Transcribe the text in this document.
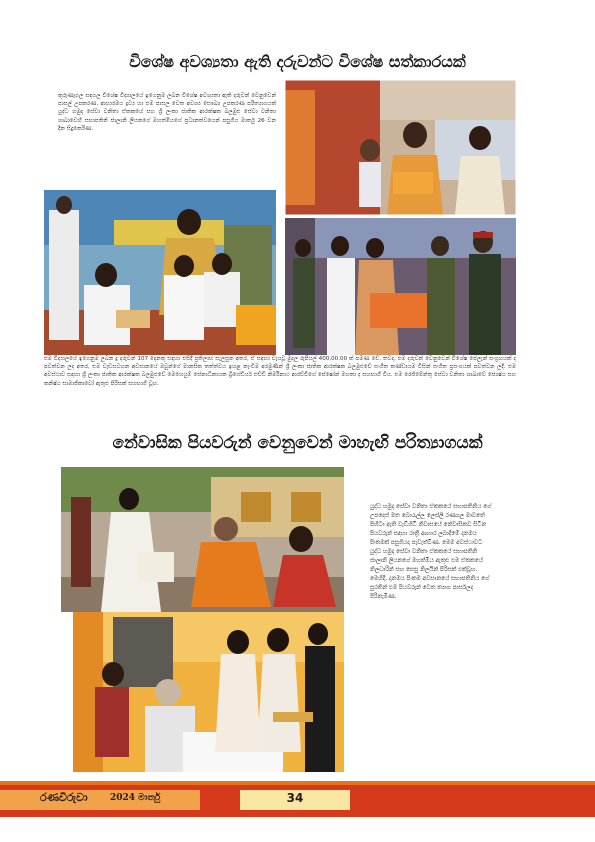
විශේෂ අවශ්‍යතා ඇති දරුවන්ට විශේෂ සත්කාරයක්
කුරුණෑගල සඳගල විශේෂ විද්‍යාලයේ ඉගෙනුම ලබන විශේෂ අවශ්‍යතා ඇති දරුවන් වෙනුවෙන් පාසල් උපකරණ, ආහාරමය ද්‍රව්‍ය හා එම පාසල වෙත අවශ්‍ය සෞඛ්‍ය උපකරණ පරිත්‍යාගයක් යුද්ධ හමුදා සේවා වනිතා ඒකකයේ සහ ශ්‍රී ලංකා ජාතික ආරක්ෂක බලමුළු සේවා වනිතා ශාඛාවෙහි සභාපතිනි ජාලානි ලියනගේ මහත්මියගේ ප්‍රධානත්වයෙන් පසුගිය මාර්තු 26 වන දින සිදුකෙරිණ.
එම විද්‍යාලයේ ඉගෙනුම ලබන දූ දරුවන් 107 දෙනකු සඳහා එසිදි ප්‍රතිලාභ සැලසුන අතර, ඒ සඳහා වැයවූ මුදල රුපියල් 400,00.00 ක් පමණ වේ. තවද, එම දරුවන් වෙනුවෙන් විශේෂ පේලැන් සංග්‍රහයක් ද පවත්වන ලද අතර, එම වැඩසටහන අවසානයේ ඔවුන්ගේ මානසික තත්ත්වය ඉහළ නැංවීම අරමුණින් ශ්‍රී ලංකා ජාතික ආරක්ෂක බලමුළුවේ සංගීත කණ්ඩායම විසින් සංගීත ප්‍රසංගයක් පවත්වන ලදී. එම අවස්ථාව සඳහා ශ්‍රී ලංකා ජාතික ආරක්ෂක බලමුළුවේ මෙහෙයුම් සේනාධිනායක බ්‍රිගේඩියර් එච්ඩී නිර්මිනාථ ආරච්චිගේ පේෂෝන් මහතා ද සහභාගී විය. එම රෙජිමේන්තු සේවා වනිතා ශාඛාවේ ජ්‍යෙෂ්ඨ සහ කනිෂ්ඨ සාමාජිකාවෝ ඇතුළු පිරිසක් සහභාගී වූහ.
නේවාසික පියවරුන් වෙනුවෙන් මාහැඟි පරිත්‍යාගයක්
යුද්ධ හමුදා සේවා වනිතා ඒකකයේ සභාපතිනිය ගේ උපදෙස් මත බොරැල්ල ලෙස්ලි රණගල මාවතේ පිහිටා ඇති වැඩිහිටි නිවාසයේ නේවාසිකව සිටින පියවරුන් සඳහා රාත්‍රී ආහාර ලබාදීමේ දානමය පිංකමක් පසුගියදා පැවැත්විණ. මෙම අවස්ථාවට යුද්ධ හමුදා සේවා වනිතා ඒකකයේ සභාපතිනි ජාලානි ලියනගේ මහත්මිය ඇතුළු එම ඒකකයේ නිලධාරින් සහ සෙසු නිලයින් පිරිසක් එක්වූහ. මෙහිදී, දානමය පිංකම අවසානයේ සභාපතිනිය ගේ සුරතින් එම පියවරුන් වෙත ත්‍යාග පාර්සලද පිරිනැමිණ.
රණවිරුවා 2024 මාර්තු	34
